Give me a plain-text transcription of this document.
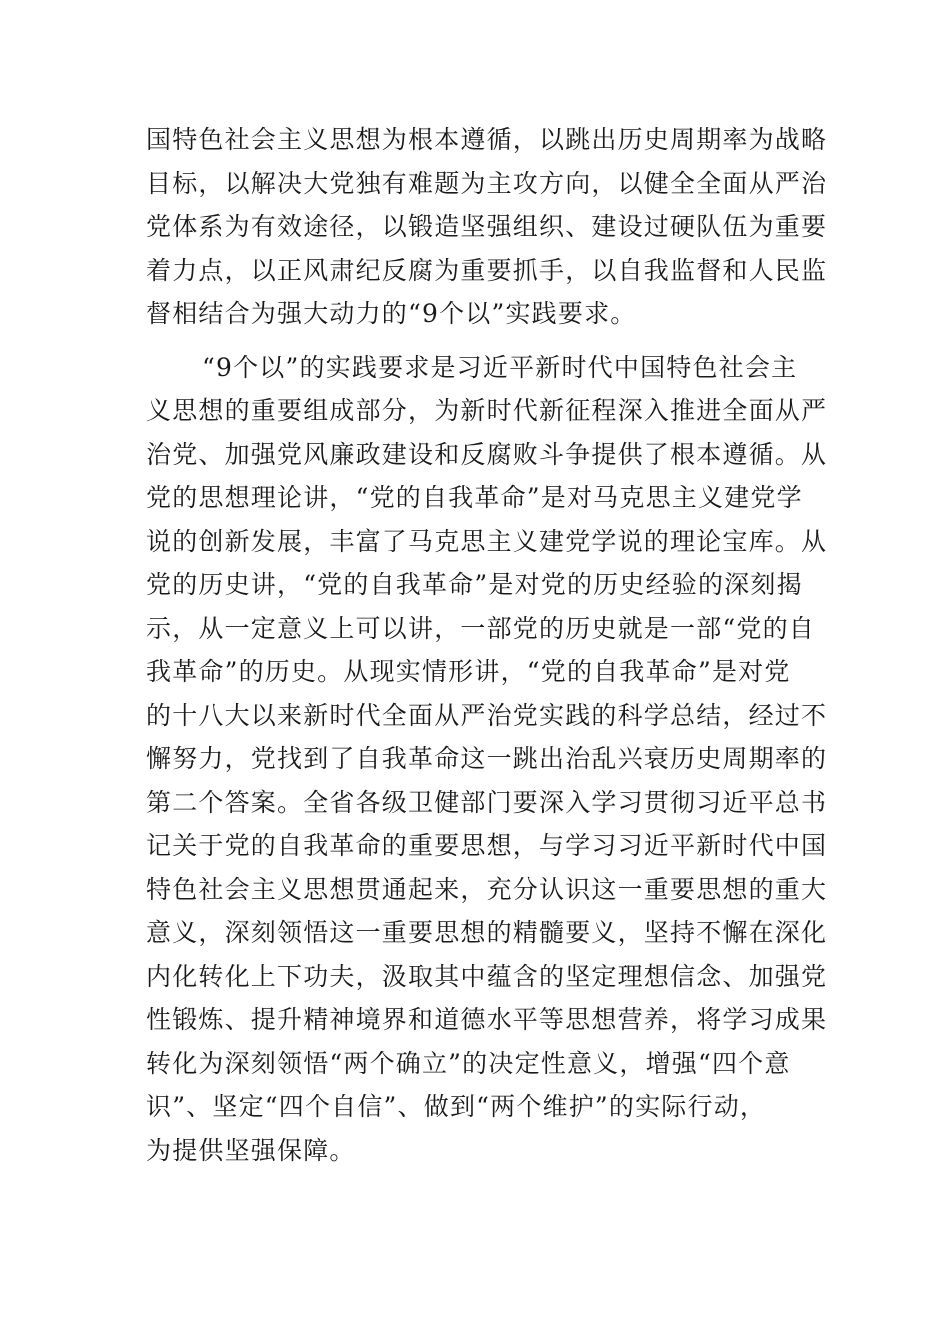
国特色社会主义思想为根本遵循，以跳出历史周期率为战略
目标，以解决大党独有难题为主攻方向，以健全全面从严治
党体系为有效途径，以锻造坚强组织、建设过硬队伍为重要
着力点，以正风肃纪反腐为重要抓手，以自我监督和人民监
督相结合为强大动力的“9个以”实践要求。
“9个以”的实践要求是习近平新时代中国特色社会主
义思想的重要组成部分，为新时代新征程深入推进全面从严
治党、加强党风廉政建设和反腐败斗争提供了根本遵循。从
党的思想理论讲，“党的自我革命”是对马克思主义建党学
说的创新发展，丰富了马克思主义建党学说的理论宝库。从
党的历史讲，“党的自我革命”是对党的历史经验的深刻揭
示，从一定意义上可以讲，一部党的历史就是一部“党的自
我革命”的历史。从现实情形讲，“党的自我革命”是对党
的十八大以来新时代全面从严治党实践的科学总结，经过不
懈努力，党找到了自我革命这一跳出治乱兴衰历史周期率的
第二个答案。全省各级卫健部门要深入学习贯彻习近平总书
记关于党的自我革命的重要思想，与学习习近平新时代中国
特色社会主义思想贯通起来，充分认识这一重要思想的重大
意义，深刻领悟这一重要思想的精髓要义，坚持不懈在深化
内化转化上下功夫，汲取其中蕴含的坚定理想信念、加强党
性锻炼、提升精神境界和道德水平等思想营养，将学习成果
转化为深刻领悟“两个确立”的决定性意义，增强“四个意
识”、坚定“四个自信”、做到“两个维护”的实际行动，
为提供坚强保障。
